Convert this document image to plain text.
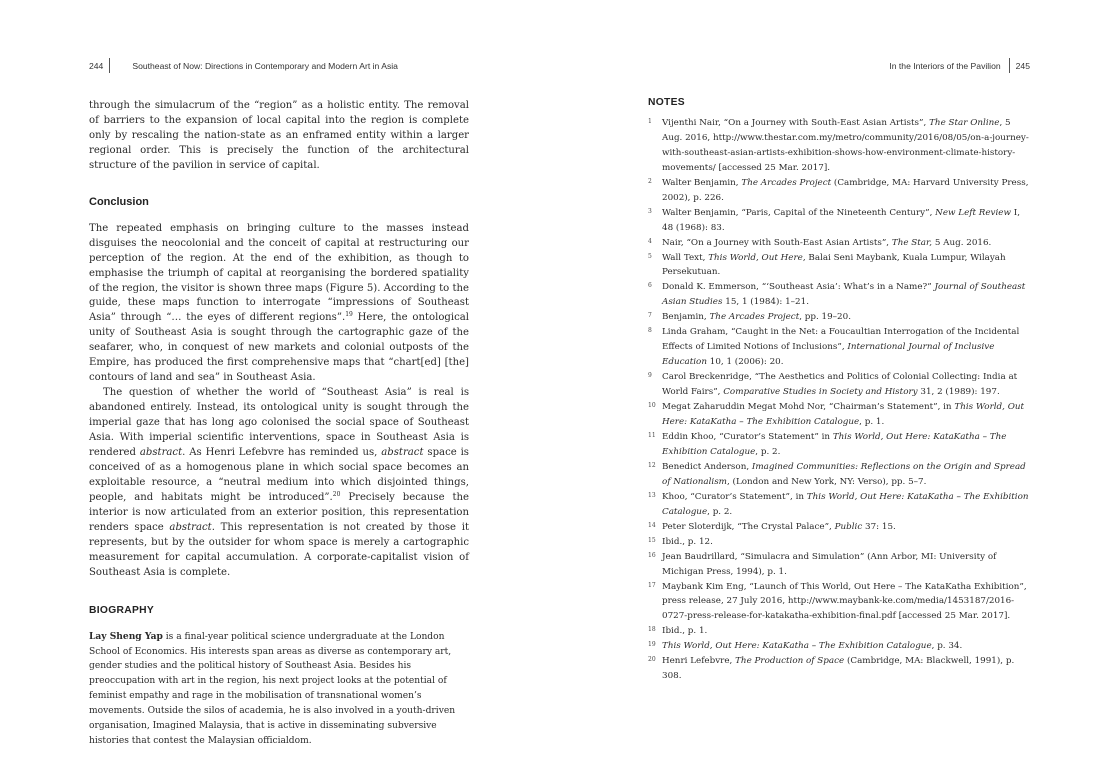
244	Southeast of Now: Directions in Contemporary and Modern Art in Asia	In the Interiors of the Pavilion 245

through the simulacrum of the “region” as a holistic entity. The removal of barriers to the expansion of local capital into the region is complete only by rescaling the nation-state as an enframed entity within a larger regional order. This is precisely the function of the architectural structure of the pavilion in service of capital.

Conclusion

The repeated emphasis on bringing culture to the masses instead disguises the neocolonial and the conceit of capital at restructuring our perception of the region. At the end of the exhibition, as though to emphasise the triumph of capital at reorganising the bordered spatiality of the region, the visitor is shown three maps (Figure 5). According to the guide, these maps function to interrogate “impressions of Southeast Asia” through “… the eyes of different regions”.$^{19}$ Here, the ontological unity of Southeast Asia is sought through the cartographic gaze of the seafarer, who, in conquest of new markets and colonial outposts of the Empire, has produced the first comprehensive maps that “chart[ed] [the] contours of land and sea” in Southeast Asia.

The question of whether the world of “Southeast Asia” is real is abandoned entirely. Instead, its ontological unity is sought through the imperial gaze that has long ago colonised the social space of Southeast Asia. With imperial scientific interventions, space in Southeast Asia is rendered abstract. As Henri Lefebvre has reminded us, abstract space is conceived of as a homogenous plane in which social space becomes an exploitable resource, a “neutral medium into which disjointed things, people, and habitats might be introduced”.$^{20}$ Precisely because the interior is now articulated from an exterior position, this representation renders space abstract. This representation is not created by those it represents, but by the outsider for whom space is merely a cartographic measurement for capital accumulation. A corporate-capitalist vision of Southeast Asia is complete.

BIOGRAPHY

Lay Sheng Yap is a final-year political science undergraduate at the London School of Economics. His interests span areas as diverse as contemporary art, gender studies and the political history of Southeast Asia. Besides his preoccupation with art in the region, his next project looks at the potential of feminist empathy and rage in the mobilisation of transnational women’s movements. Outside the silos of academia, he is also involved in a youth-driven organisation, Imagined Malaysia, that is active in disseminating subversive histories that contest the Malaysian officialdom.

NOTES
1 Vijenthi Nair, “On a Journey with South-East Asian Artists”, The Star Online, 5 Aug. 2016, http://www.thestar.com.my/metro/community/2016/08/05/on-a-journey-with-southeast-asian-artists-exhibition-shows-how-environment-climate-history-movements/ [accessed 25 Mar. 2017].
2 Walter Benjamin, The Arcades Project (Cambridge, MA: Harvard University Press, 2002), p. 226.
3 Walter Benjamin, “Paris, Capital of the Nineteenth Century”, New Left Review I, 48 (1968): 83.
4 Nair, “On a Journey with South-East Asian Artists”, The Star, 5 Aug. 2016.
5 Wall Text, This World, Out Here, Balai Seni Maybank, Kuala Lumpur, Wilayah Persekutuan.
6 Donald K. Emmerson, “‘Southeast Asia’: What’s in a Name?” Journal of Southeast Asian Studies 15, 1 (1984): 1–21.
7 Benjamin, The Arcades Project, pp. 19–20.
8 Linda Graham, “Caught in the Net: a Foucaultian Interrogation of the Incidental Effects of Limited Notions of Inclusions”, International Journal of Inclusive Education 10, 1 (2006): 20.
9 Carol Breckenridge, “The Aesthetics and Politics of Colonial Collecting: India at World Fairs”, Comparative Studies in Society and History 31, 2 (1989): 197.
10 Megat Zaharuddin Megat Mohd Nor, “Chairman’s Statement”, in This World, Out Here: KataKatha – The Exhibition Catalogue, p. 1.
11 Eddin Khoo, “Curator’s Statement” in This World, Out Here: KataKatha – The Exhibition Catalogue, p. 2.
12 Benedict Anderson, Imagined Communities: Reflections on the Origin and Spread of Nationalism, (London and New York, NY: Verso), pp. 5–7.
13 Khoo, “Curator’s Statement”, in This World, Out Here: KataKatha – The Exhibition Catalogue, p. 2.
14 Peter Sloterdijk, “The Crystal Palace”, Public 37: 15.
15 Ibid., p. 12.
16 Jean Baudrillard, “Simulacra and Simulation” (Ann Arbor, MI: University of Michigan Press, 1994), p. 1.
17 Maybank Kim Eng, “Launch of This World, Out Here – The KataKatha Exhibition”, press release, 27 July 2016, http://www.maybank-ke.com/media/1453187/2016-0727-press-release-for-katakatha-exhibition-final.pdf [accessed 25 Mar. 2017].
18 Ibid., p. 1.
19 This World, Out Here: KataKatha – The Exhibition Catalogue, p. 34.
20 Henri Lefebvre, The Production of Space (Cambridge, MA: Blackwell, 1991), p. 308.
